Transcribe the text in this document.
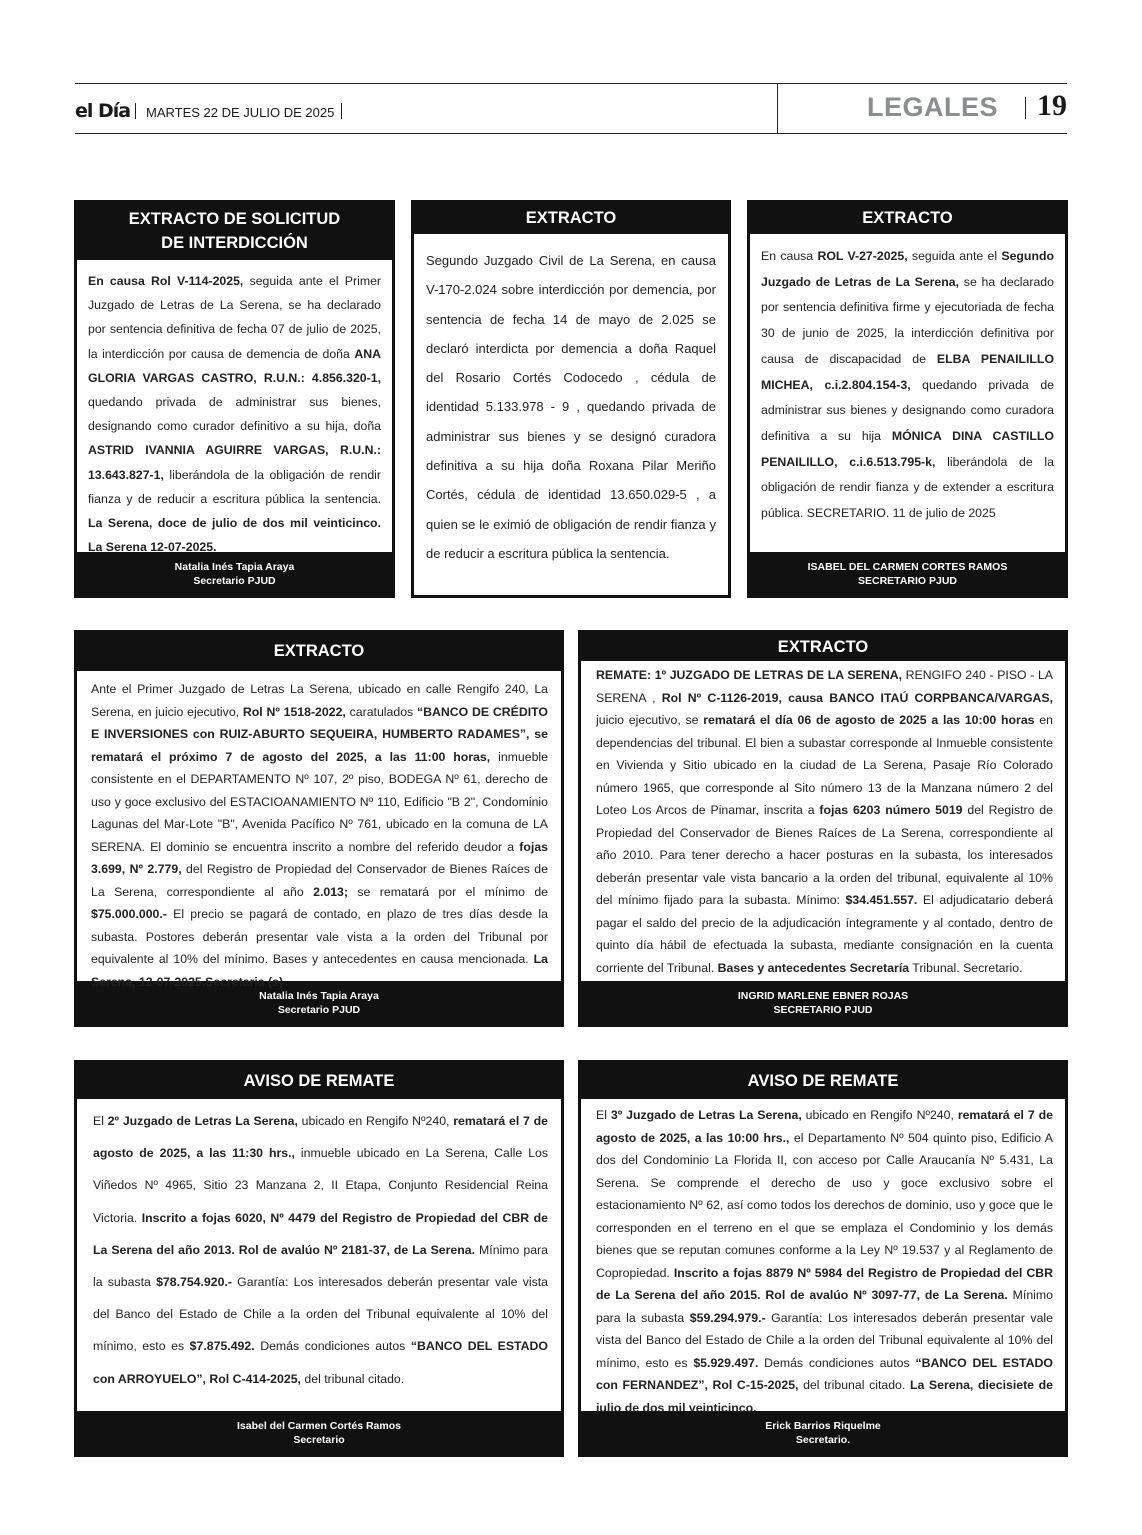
el Día MARTES 22 DE JULIO DE 2025	LEGALES 19
EXTRACTO DE SOLICITUD
DE INTERDICCIÓN
En causa Rol V-114-2025, seguida ante el Primer Juzgado de Letras de La Serena, se ha declarado por sentencia definitiva de fecha 07 de julio de 2025, la interdicción por causa de demencia de doña ANA GLORIA VARGAS CASTRO, R.U.N.: 4.856.320-1, quedando privada de administrar sus bienes, designando como curador definitivo a su hija, doña ASTRID IVANNIA AGUIRRE VARGAS, R.U.N.: 13.643.827-1, liberándola de la obligación de rendir fianza y de reducir a escritura pública la sentencia. La Serena, doce de julio de dos mil veinticinco. La Serena 12-07-2025.
Natalia Inés Tapia Araya
Secretario PJUD
EXTRACTO
Segundo Juzgado Civil de La Serena, en causa V-170-2.024 sobre interdicción por demencia, por sentencia de fecha 14 de mayo de 2.025 se declaró interdicta por demencia a doña Raquel del Rosario Cortés Codocedo , cédula de identidad 5.133.978 - 9 , quedando privada de administrar sus bienes y se designó curadora definitiva a su hija doña Roxana Pilar Meriño Cortés, cédula de identidad 13.650.029-5 , a quien se le eximió de obligación de rendir fianza y de reducir a escritura pública la sentencia.
EXTRACTO
En causa ROL V-27-2025, seguida ante el Segundo Juzgado de Letras de La Serena, se ha declarado por sentencia definitiva firme y ejecutoriada de fecha 30 de junio de 2025, la interdicción definitiva por causa de discapacidad de ELBA PENAILILLO MICHEA, c.i.2.804.154-3, quedando privada de administrar sus bienes y designando como curadora definitiva a su hija MÓNICA DINA CASTILLO PENAILILLO, c.i.6.513.795-k, liberándola de la obligación de rendir fianza y de extender a escritura pública. SECRETARIO. 11 de julio de 2025
ISABEL DEL CARMEN CORTES RAMOS
SECRETARIO PJUD
EXTRACTO
Ante el Primer Juzgado de Letras La Serena, ubicado en calle Rengifo 240, La Serena, en juicio ejecutivo, Rol Nº 1518-2022, caratulados “BANCO DE CRÉDITO E INVERSIONES con RUIZ-ABURTO SEQUEIRA, HUMBERTO RADAMES”, se rematará el próximo 7 de agosto del 2025, a las 11:00 horas, inmueble consistente en el DEPARTAMENTO Nº 107, 2º piso, BODEGA Nº 61, derecho de uso y goce exclusivo del ESTACIOANAMIENTO Nº 110, Edificio "B 2", Condominio Lagunas del Mar-Lote "B", Avenida Pacífico Nº 761, ubicado en la comuna de LA SERENA. El dominio se encuentra inscrito a nombre del referido deudor a fojas 3.699, Nº 2.779, del Registro de Propiedad del Conservador de Bienes Raíces de La Serena, correspondiente al año 2.013; se rematará por el mínimo de $75.000.000.- El precio se pagará de contado, en plazo de tres días desde la subasta. Postores deberán presentar vale vista a la orden del Tribunal por equivalente al 10% del mínimo. Bases y antecedentes en causa mencionada. La Serena, 12-07-2025.Secretaria (s)
Natalia Inés Tapia Araya
Secretario PJUD
EXTRACTO
REMATE: 1º JUZGADO DE LETRAS DE LA SERENA, RENGIFO 240 - PISO - LA SERENA , Rol Nº C-1126-2019, causa BANCO ITAÚ CORPBANCA/VARGAS, juicio ejecutivo, se rematará el día 06 de agosto de 2025 a las 10:00 horas en dependencias del tribunal. El bien a subastar corresponde al Inmueble consistente en Vivienda y Sitio ubicado en la ciudad de La Serena, Pasaje Río Colorado número 1965, que corresponde al Sito número 13 de la Manzana número 2 del Loteo Los Arcos de Pinamar, inscrita a fojas 6203 número 5019 del Registro de Propiedad del Conservador de Bienes Raíces de La Serena, correspondiente al año 2010. Para tener derecho a hacer posturas en la subasta, los interesados deberán presentar vale vista bancario a la orden del tribunal, equivalente al 10% del mínimo fijado para la subasta. Mínimo: $34.451.557. El adjudicatario deberá pagar el saldo del precio de la adjudicación íntegramente y al contado, dentro de quinto día hábil de efectuada la subasta, mediante consignación en la cuenta corriente del Tribunal. Bases y antecedentes Secretaría Tribunal. Secretario.
INGRID MARLENE EBNER ROJAS
SECRETARIO PJUD
AVISO DE REMATE
El 2º Juzgado de Letras La Serena, ubicado en Rengifo Nº240, rematará el 7 de agosto de 2025, a las 11:30 hrs., inmueble ubicado en La Serena, Calle Los Viñedos Nº 4965, Sitio 23 Manzana 2, II Etapa, Conjunto Residencial Reina Victoria. Inscrito a fojas 6020, Nº 4479 del Registro de Propiedad del CBR de La Serena del año 2013. Rol de avalúo Nº 2181-37, de La Serena. Mínimo para la subasta $78.754.920.- Garantía: Los interesados deberán presentar vale vista del Banco del Estado de Chile a la orden del Tribunal equivalente al 10% del mínimo, esto es $7.875.492. Demás condiciones autos “BANCO DEL ESTADO con ARROYUELO”, Rol C-414-2025, del tribunal citado.
Isabel del Carmen Cortés Ramos
Secretario
AVISO DE REMATE
El 3º Juzgado de Letras La Serena, ubicado en Rengifo Nº240, rematará el 7 de agosto de 2025, a las 10:00 hrs., el Departamento Nº 504 quinto piso, Edificio A dos del Condominio La Florida II, con acceso por Calle Araucanía Nº 5.431, La Serena. Se comprende el derecho de uso y goce exclusivo sobre el estacionamiento Nº 62, así como todos los derechos de dominio, uso y goce que le corresponden en el terreno en el que se emplaza el Condominio y los demás bienes que se reputan comunes conforme a la Ley Nº 19.537 y al Reglamento de Copropiedad. Inscrito a fojas 8879 Nº 5984 del Registro de Propiedad del CBR de La Serena del año 2015. Rol de avalúo Nº 3097-77, de La Serena. Mínimo para la subasta $59.294.979.- Garantía: Los interesados deberán presentar vale vista del Banco del Estado de Chile a la orden del Tribunal equivalente al 10% del mínimo, esto es $5.929.497. Demás condiciones autos “BANCO DEL ESTADO con FERNANDEZ”, Rol C-15-2025, del tribunal citado. La Serena, diecisiete de julio de dos mil veinticinco.
Erick Barrios Riquelme
Secretario.
